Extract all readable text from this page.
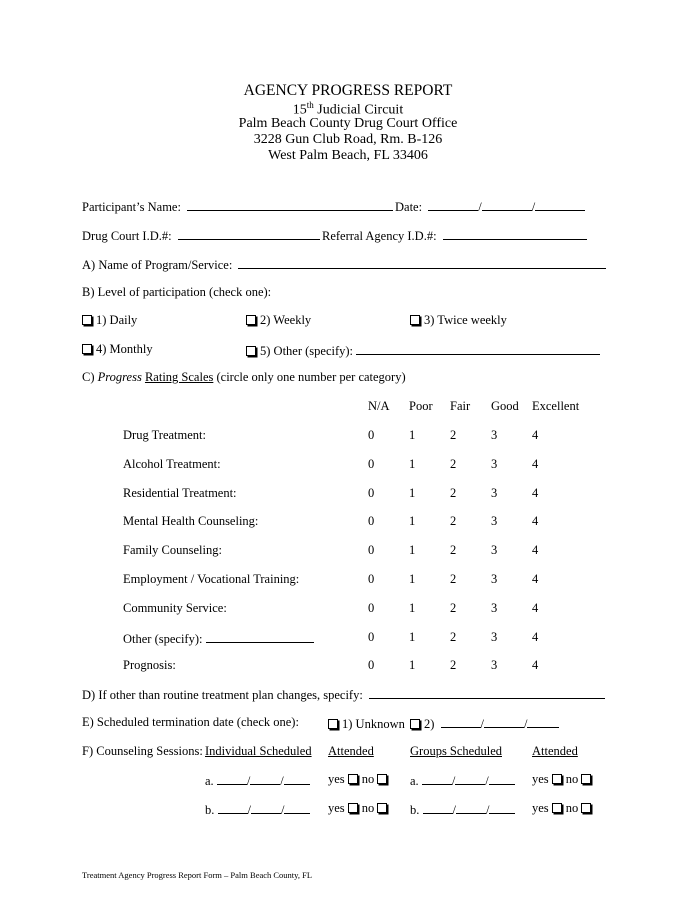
AGENCY PROGRESS REPORT
15th Judicial Circuit
Palm Beach County Drug Court Office
3228 Gun Club Road, Rm. B-126
West Palm Beach, FL 33406
Participant’s Name:	Date:	/	/
Drug Court I.D.#:	Referral Agency I.D.#:
A) Name of Program/Service:
B) Level of participation (check one):
1) Daily	2) Weekly	3) Twice weekly
4) Monthly	5) Other (specify):
C) Progress Rating Scales (circle only one number per category)
N/A Poor Fair Good Excellent
Drug Treatment:	0	1	2	3	4
Alcohol Treatment:	0	1	2	3	4
Residential Treatment:	0	1	2	3	4
Mental Health Counseling:	0	1	2	3	4
Family Counseling:	0	1	2	3	4
Employment / Vocational Training:	0	1	2	3	4
Community Service:	0	1	2	3	4
Other (specify):	0	1	2	3	4
Prognosis:	0	1	2	3	4
D) If other than routine treatment plan changes, specify:
E) Scheduled termination date (check one):	1) Unknown 2)	/	/
F) Counseling Sessions: Individual Scheduled Attended	Groups Scheduled Attended
a.	/ /	yes no	a.	/ /	yes no
b.	/ /	yes no	b.	/ /	yes no
Treatment Agency Progress Report Form – Palm Beach County, FL
